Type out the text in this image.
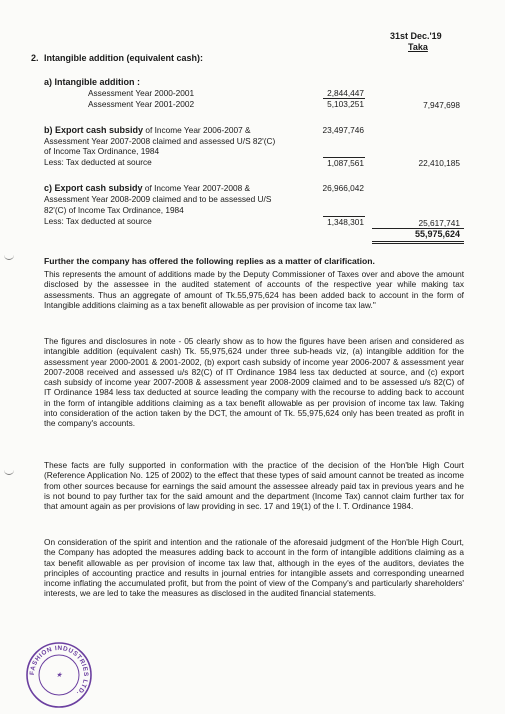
31st Dec.'19
Taka
2. Intangible addition (equivalent cash):
a) Intangible addition :
Assessment Year 2000-2001	2,844,447
Assessment Year 2001-2002	5,103,251	7,947,698
b) Export cash subsidy of Income Year 2006-2007 &
Assessment Year 2007-2008 claimed and assessed U/S 82'(C)
of Income Tax Ordinance, 1984
23,497,746
Less: Tax deducted at source	1,087,561	22,410,185
c) Export cash subsidy of Income Year 2007-2008 &
Assessment Year 2008-2009 claimed and to be assessed U/S
82'(C) of Income Tax Ordinance, 1984
26,966,042
Less: Tax deducted at source	1,348,301	25,617,741
55,975,624
Further the company has offered the following replies as a matter of clarification.
This represents the amount of additions made by the Deputy Commissioner of Taxes over and above the amount disclosed by the assessee in the audited statement of accounts of the respective year while making tax assessments. Thus an aggregate of amount of Tk.55,975,624 has been added back to account in the form of Intangible additions claiming as a tax benefit allowable as per provision of income tax law."
The figures and disclosures in note - 05 clearly show as to how the figures have been arisen and considered as intangible addition (equivalent cash) Tk. 55,975,624 under three sub-heads viz, (a) intangible addition for the assessment year 2000-2001 & 2001-2002, (b) export cash subsidy of income year 2006-2007 & assessment year 2007-2008 received and assessed u/s 82(C) of IT Ordinance 1984 less tax deducted at source, and (c) export cash subsidy of income year 2007-2008 & assessment year 2008-2009 claimed and to be assessed u/s 82(C) of IT Ordinance 1984 less tax deducted at source leading the company with the recourse to adding back to account in the form of intangible additions claiming as a tax benefit allowable as per provision of income tax law. Taking into consideration of the action taken by the DCT, the amount of Tk. 55,975,624 only has been treated as profit in the company's accounts.
These facts are fully supported in conformation with the practice of the decision of the Hon'ble High Court (Reference Application No. 125 of 2002) to the effect that these types of said amount cannot be treated as income from other sources because for earnings the said amount the assessee already paid tax in previous years and he is not bound to pay further tax for the said amount and the department (Income Tax) cannot claim further tax for that amount again as per provisions of law providing in sec. 17 and 19(1) of the I. T. Ordinance 1984.
On consideration of the spirit and intention and the rationale of the aforesaid judgment of the Hon'ble High Court, the Company has adopted the measures adding back to account in the form of intangible additions claiming as a tax benefit allowable as per provision of income tax law that, although in the eyes of the auditors, deviates the principles of accounting practice and results in journal entries for intangible assets and corresponding unearned income inflating the accumulated profit, but from the point of view of the Company's and particularly shareholders' interests, we are led to take the measures as disclosed in the audited financial statements.
FASHION INDUSTRIES LTD.
★
